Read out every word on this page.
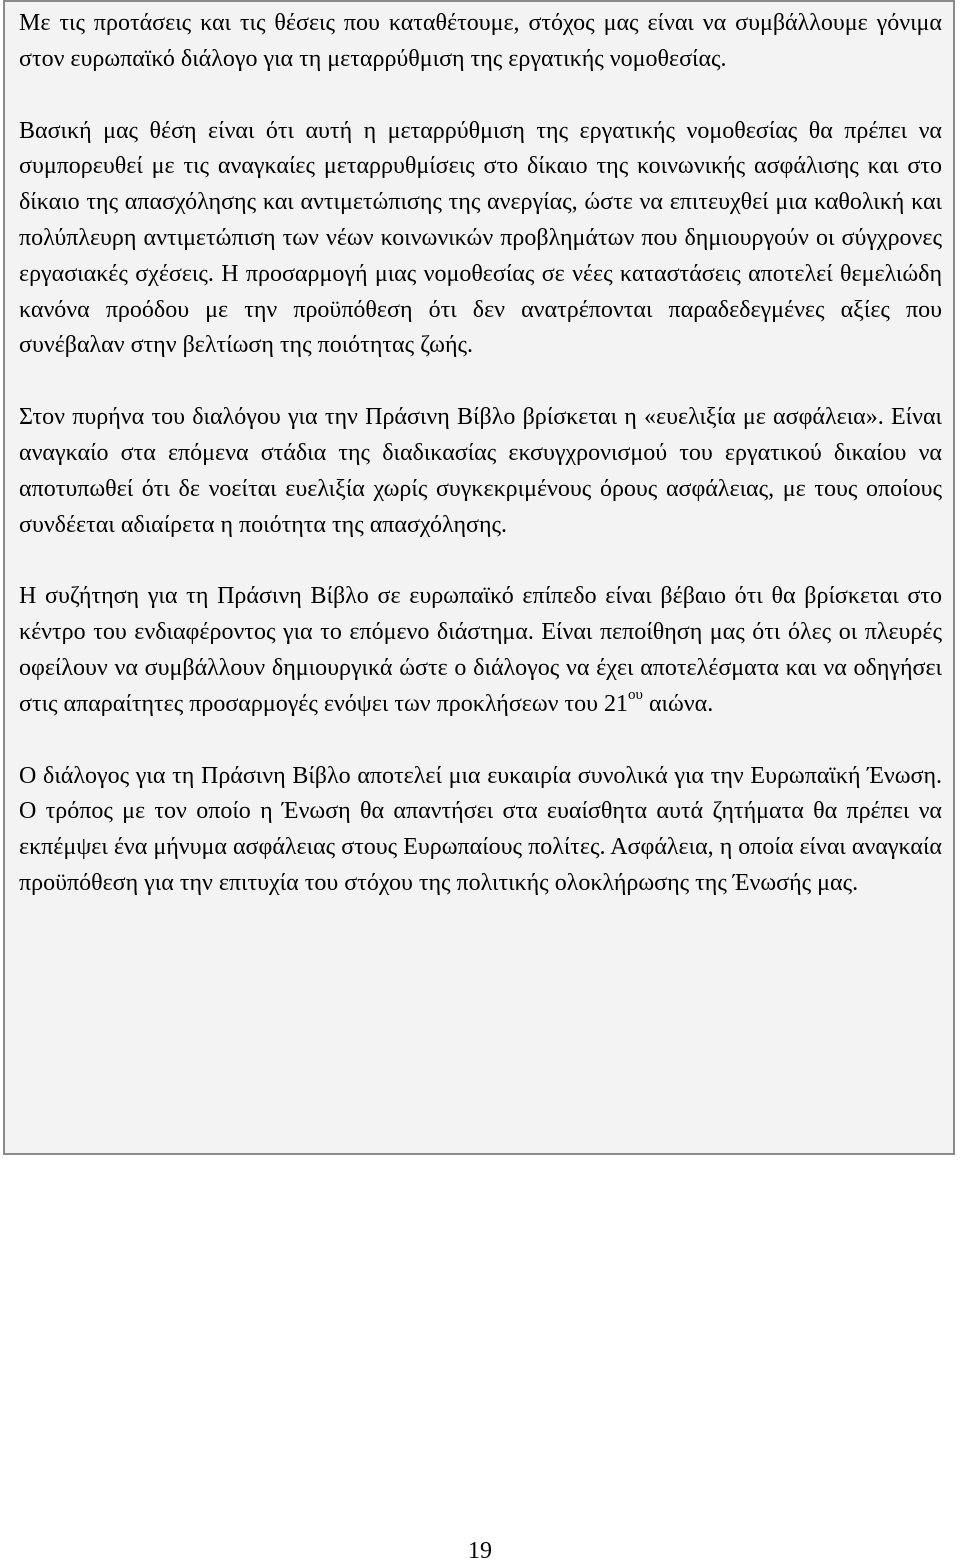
Με τις προτάσεις και τις θέσεις που καταθέτουμε, στόχος μας είναι να συμβάλλουμε γόνιμα στον ευρωπαϊκό διάλογο για τη μεταρρύθμιση της εργατικής νομοθεσίας.

Βασική μας θέση είναι ότι αυτή η μεταρρύθμιση της εργατικής νομοθεσίας θα πρέπει να συμπορευθεί με τις αναγκαίες μεταρρυθμίσεις στο δίκαιο της κοινωνικής ασφάλισης και στο δίκαιο της απασχόλησης και αντιμετώπισης της ανεργίας, ώστε να επιτευχθεί μια καθολική και πολύπλευρη αντιμετώπιση των νέων κοινωνικών προβλημάτων που δημιουργούν οι σύγχρονες εργασιακές σχέσεις. Η προσαρμογή μιας νομοθεσίας σε νέες καταστάσεις αποτελεί θεμελιώδη κανόνα προόδου με την προϋπόθεση ότι δεν ανατρέπονται παραδεδεγμένες αξίες που συνέβαλαν στην βελτίωση της ποιότητας ζωής.

Στον πυρήνα του διαλόγου για την Πράσινη Βίβλο βρίσκεται η «ευελιξία με ασφάλεια». Είναι αναγκαίο στα επόμενα στάδια της διαδικασίας εκσυγχρονισμού του εργατικού δικαίου να αποτυπωθεί ότι δε νοείται ευελιξία χωρίς συγκεκριμένους όρους ασφάλειας, με τους οποίους συνδέεται αδιαίρετα η ποιότητα της απασχόλησης.

Η συζήτηση για τη Πράσινη Βίβλο σε ευρωπαϊκό επίπεδο είναι βέβαιο ότι θα βρίσκεται στο κέντρο του ενδιαφέροντος για το επόμενο διάστημα. Είναι πεποίθηση μας ότι όλες οι πλευρές οφείλουν να συμβάλλουν δημιουργικά ώστε ο διάλογος να έχει αποτελέσματα και να οδηγήσει στις απαραίτητες προσαρμογές ενόψει των προκλήσεων του $21^{o\upsilon}$ αιώνα.

Ο διάλογος για τη Πράσινη Βίβλο αποτελεί μια ευκαιρία συνολικά για την Ευρωπαϊκή Ένωση. Ο τρόπος με τον οποίο η Ένωση θα απαντήσει στα ευαίσθητα αυτά ζητήματα θα πρέπει να εκπέμψει ένα μήνυμα ασφάλειας στους Ευρωπαίους πολίτες. Ασφάλεια, η οποία είναι αναγκαία προϋπόθεση για την επιτυχία του στόχου της πολιτικής ολοκλήρωσης της Ένωσής μας.

19
